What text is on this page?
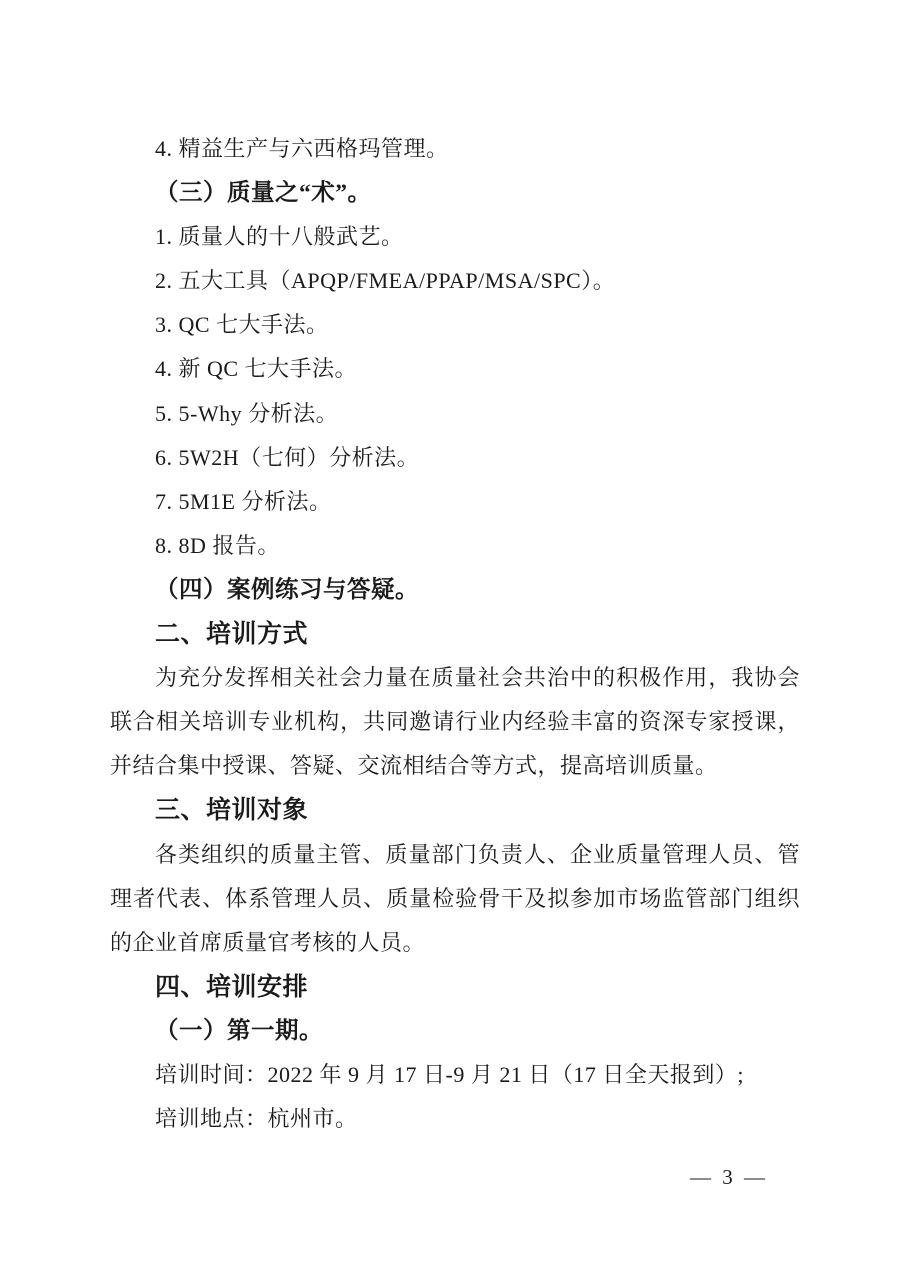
4. 精益生产与六西格玛管理。
（三）质量之“术”。
1. 质量人的十八般武艺。
2. 五大工具（APQP/FMEA/PPAP/MSA/SPC）。
3. QC 七大手法。
4. 新 QC 七大手法。
5. 5-Why 分析法。
6. 5W2H（七何）分析法。
7. 5M1E 分析法。
8. 8D 报告。
（四）案例练习与答疑。
二、培训方式
为充分发挥相关社会力量在质量社会共治中的积极作用，我协会
联合相关培训专业机构，共同邀请行业内经验丰富的资深专家授课，
并结合集中授课、答疑、交流相结合等方式，提高培训质量。
三、培训对象
各类组织的质量主管、质量部门负责人、企业质量管理人员、管
理者代表、体系管理人员、质量检验骨干及拟参加市场监管部门组织
的企业首席质量官考核的人员。
四、培训安排
（一）第一期。
培训时间：2022 年 9 月 17 日-9 月 21 日（17 日全天报到）;
培训地点：杭州市。
— 3 —
